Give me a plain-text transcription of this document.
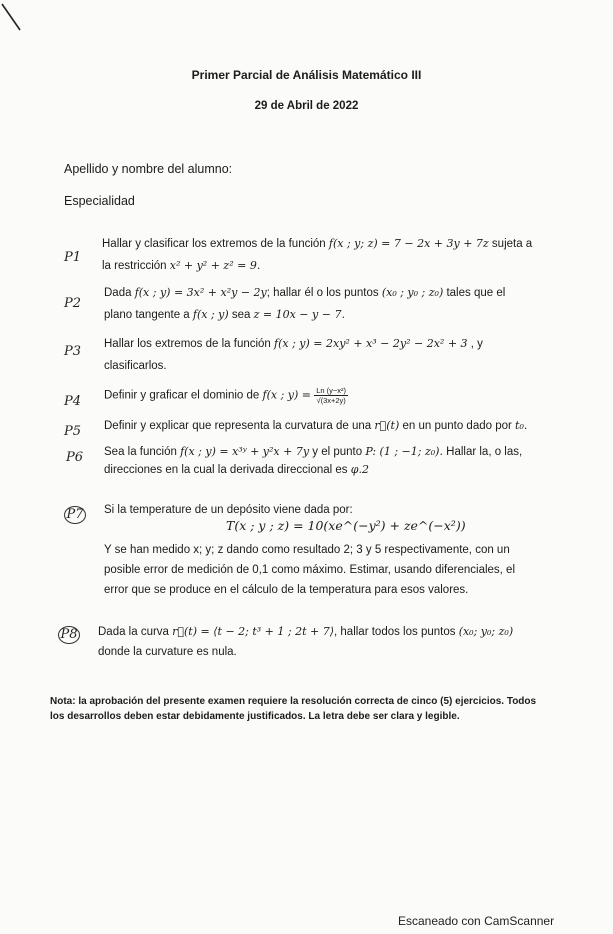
Primer Parcial de Análisis Matemático III
29 de Abril de 2022
Apellido y nombre del alumno:
Especialidad
P1
Hallar y clasificar los extremos de la función f(x ; y; z) = 7 − 2x + 3y + 7z sujeta a
la restricción x² + y² + z² = 9.
P2
Dada f(x ; y) = 3x² + x²y − 2y; hallar él o los puntos (x₀ ; y₀ ; z₀) tales que el
plano tangente a f(x ; y) sea z = 10x − y − 7.
P3 Hallar los extremos de la función f(x ; y) = 2xy² + x³ − 2y² − 2x² + 3 , y
clasificarlos.
P4 Definir y graficar el dominio de f(x ; $y) = \frac{\text{Ln (y−x²)}}{√(3x+2y)}$
P5 Definir y explicar que representa la curvatura de una r⃗(t) en un punto dado por t₀.
P6 Sea la función f(x ; y) = x³ʸ + y²x + 7y y el punto P: (1 ; −1; z₀). Hallar la, o las,
direcciones en la cual la derivada direccional es φ.2
P7 Si la temperature de un depósito viene dada por:
T(x ; y ; z) = 10(xe^(−y²) + ze^(−x²))
Y se han medido x; y; z dando como resultado 2; 3 y 5 respectivamente, con un
posible error de medición de 0,1 como máximo. Estimar, usando diferenciales, el
error que se produce en el cálculo de la temperatura para esos valores.
P8 Dada la curva r⃗(t) = ⟨t − 2; t³ + 1 ; 2t + 7⟩, hallar todos los puntos (x₀; y₀; z₀)
donde la curvature es nula.
Nota: la aprobación del presente examen requiere la resolución correcta de cinco (5) ejercicios. Todos los desarrollos deben estar debidamente justificados. La letra debe ser clara y legible.
Escaneado con CamScanner
